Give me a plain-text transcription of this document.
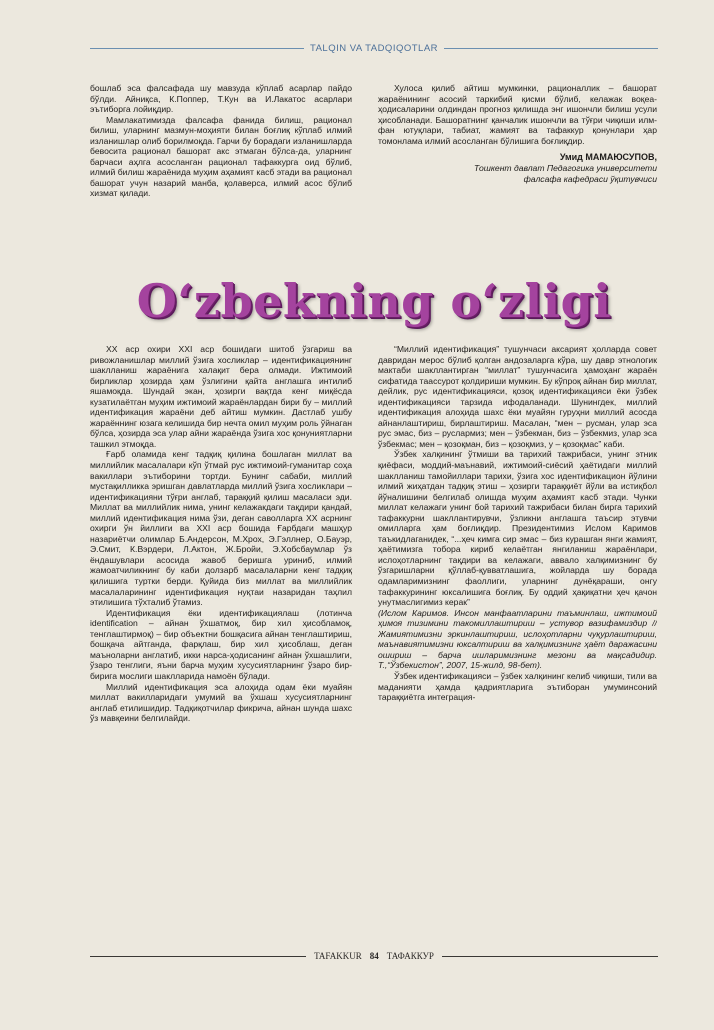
TALQIN VA TADQIQOTLAR

бошлаб эса фалсафада шу мавзуда кўплаб асарлар пайдо бўлди. Айниқса, К.Поппер, Т.Кун ва И.Лакатос асарлари эътиборга лойиқдир.

Мамлакатимизда фалсафа фанида билиш, рационал билиш, уларнинг мазмун-моҳияти билан боғлиқ кўплаб илмий изланишлар олиб борилмоқда. Гарчи бу борадаги изланишларда бевосита рационал башорат акс этмаган бўлса-да, уларнинг барчаси аҳлга асосланган рационал тафаккурга оид бўлиб, илмий билиш жараёнида муҳим аҳамият касб этади ва рационал башорат учун назарий манба, қолаверса, илмий асос бўлиб хизмат қилади.

Хулоса қилиб айтиш мумкинки, рационаллик – башорат жараёнининг асосий таркибий қисми бўлиб, келажак воқеа-ҳодисаларини олдиндан прогноз қилишда энг ишончли билиш усули ҳисобланади. Башоратнинг қанчалик ишончли ва тўғри чиқиши илм-фан ютуқлари, табиат, жамият ва тафаккур қонунлари ҳар томонлама илмий асосланган бўлишига боғлиқдир.

Умид МАМАЮСУПОВ,
Тошкент давлат Педагогика университети
фалсафа кафедраси ўқитувчиси
O‘zbekning o‘zligi

XX аср охири XXI аср бошидаги шитоб ўзгариш ва ривожланишлар миллий ўзига хосликлар – идентификациянинг шаклланиш жараёнига халақит бера олмади. Ижтимоий бирликлар ҳозирда ҳам ўзлигини қайта англашга интилиб яшамоқда. Шундай экан, ҳозирги вақтда кенг миқёсда кузатилаётган муҳим ижтимоий жараёнлардан бири бу – миллий идентификация жараёни деб айтиш мумкин. Дастлаб ушбу жараённинг юзага келишида бир нечта омил муҳим роль ўйнаган бўлса, ҳозирда эса улар айни жараёнда ўзига хос қонуниятларни ташкил этмоқда.

Ғарб оламида кенг тадқиқ қилина бошлаган миллат ва миллийлик масалалари кўп ўтмай рус ижтимоий-гуманитар соҳа вакиллари эътиборини тортди. Бунинг сабаби, миллий мустақилликка эришган давлатларда миллий ўзига хосликлари – идентификацияни тўғри англаб, тараққий қилиш масаласи эди. Миллат ва миллийлик нима, унинг келажакдаги тақдири қандай, миллий идентификация нима ўзи, деган саволларга XX асрнинг охирги ўн йиллиги ва XXI аср бошида Ғарбдаги машҳур назариётчи олимлар Б.Андерсон, М.Хрох, Э.Гэллнер, О.Бауэр, Э.Смит, К.Вэрдери, Л.Актон, Ж.Бройи, Э.Хобсбаумлар ўз ёндашувлари асосида жавоб беришга уриниб, илмий жамоатчиликнинг бу каби долзарб масалаларни кенг тадқиқ қилишига туртки берди. Қуйида биз миллат ва миллийлик масалаларининг идентификация нуқтаи назаридан таҳлил этилишига тўхталиб ўтамиз.

Идентификация ёки идентификациялаш (лотинча identification – айнан ўхшатмоқ, бир хил ҳисобламоқ, тенглаштирмоқ) – бир объектни бошқасига айнан тенглаштириш, бошқача айтганда, фарқлаш, бир хил ҳисоблаш, деган маъноларни англатиб, икки нарса-ҳодисанинг айнан ўхшашлиги, ўзаро тенглиги, яъни барча муҳим хусусиятларнинг ўзаро бир-бирига мослиги шаклларида намоён бўлади.

Миллий идентификация эса алоҳида одам ёки муайян миллат вакилларидаги умумий ва ўхшаш хусусиятларнинг англаб етилишидир. Тадқиқотчилар фикрича, айнан шунда шахс ўз мавқеини белгилайди.

“Миллий идентификация” тушунчаси аксарият ҳолларда совет давридан мерос бўлиб қолган андозаларга кўра, шу давр этнологик мактаби шакллантирган “миллат” тушунчасига ҳамоҳанг жараён сифатида тааcсурот қолдириши мумкин. Бу кўпроқ айнан бир миллат, дейлик, рус идентификацияси, қозоқ идентификацияси ёки ўзбек идентификацияси тарзида ифодаланади. Шунингдек, миллий идентификация алоҳида шахс ёки муайян гуруҳни миллий асосда айнанлаштириш, бирлаштириш. Масалан, “мен – русман, улар эса рус эмас, биз – руслармиз; мен – ўзбекман, биз – ўзбекмиз, улар эса ўзбекмас; мен – қозоқман, биз – қозоқмиз, у – қозоқмас” каби.

Ўзбек халқининг ўтмиши ва тарихий тажрибаси, унинг этник қиёфаси, моддий-маънавий, ижтимоий-сиёсий ҳаётидаги миллий шаклланиш тамойиллари тарихи, ўзига хос идентификацион йўлини илмий жиҳатдан тадқиқ этиш – ҳозирги тараққиёт йўли ва истиқбол йўналишини белгилаб олишда муҳим аҳамият касб этади. Чунки миллат келажаги унинг бой тарихий тажрибаси билан бирга тарихий тафаккурни шакллантирувчи, ўзликни англашга таъсир этувчи омилларга ҳам боғлиқдир. Президентимиз Ислом Каримов таъкидлаганидек, “...ҳеч кимга сир эмас – биз курашган янги жамият, ҳаётимизга тобора кириб келаётган янгиланиш жараёнлари, ислоҳотларнинг тақдири ва келажаги, аввало халқимизнинг бу ўзгаришларни қўллаб-қувватлашига, жойларда шу борада одамларимизнинг фаоллиги, уларнинг дунёқараши, онгу тафаккурининг юксалишига боғлиқ. Бу оддий ҳақиқатни ҳеч қачон унутмаслигимиз керак”

(Ислом Каримов. Инсон манфаатларини таъминлаш, ижтимоий ҳимоя тизимини такомиллаштириш – устувор вазифамиздир // Жамиятимизни эркинлаштириш, ислоҳотларни чуқурлаштириш, маънавиятимизни юксалтириш ва халқимизнинг ҳаёт даражасини ошириш – барча ишларимизнинг мезони ва мақсадидир. Т.,“Ўзбекистон”, 2007, 15-жилд, 98-бет).

Ўзбек идентификацияси – ўзбек халқининг келиб чиқиши, тили ва маданияти ҳамда қадриятларига эътиборан умуминсоний тараққиётга интеграция-

TAFAKKUR 84 ТАФАККУР
